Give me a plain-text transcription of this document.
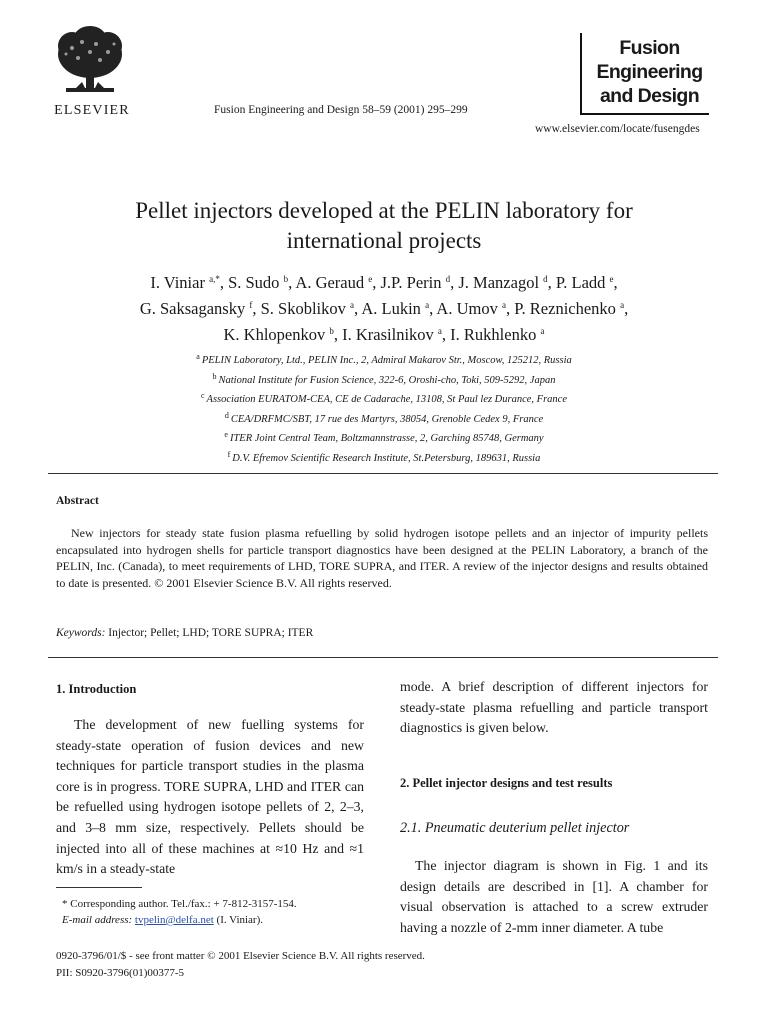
ELSEVIER	Fusion Engineering and Design 58–59 (2001) 295–299
Fusion
Engineering
and Design
www.elsevier.com/locate/fusengdes
Pellet injectors developed at the PELIN laboratory for
international projects
I. Viniar $^{a,*}$, S. Sudo $^b$, A. Geraud $^e$, J.P. Perin $^d$, J. Manzagol $^d$, P. Ladd $^e$,
G. Saksagansky $^f$, S. Skoblikov $^a$, A. Lukin $^a$, A. Umov $^a$, P. Reznichenko $^a$,
K. Khlopenkov $^b$, I. Krasilnikov $^a$, I. Rukhlenko $^a$
$^a$ PELIN Laboratory, Ltd., PELIN Inc., 2, Admiral Makarov Str., Moscow, 125212, Russia
$^b$ National Institute for Fusion Science, 322-6, Oroshi-cho, Toki, 509-5292, Japan
$^c$ Association EURATOM-CEA, CE de Cadarache, 13108, St Paul lez Durance, France
$^d$ CEA/DRFMC/SBT, 17 rue des Martyrs, 38054, Grenoble Cedex 9, France
$^e$ ITER Joint Central Team, Boltzmannstrasse, 2, Garching 85748, Germany
$^f$ D.V. Efremov Scientific Research Institute, St.Petersburg, 189631, Russia
Abstract
New injectors for steady state fusion plasma refuelling by solid hydrogen isotope pellets and an injector of impurity pellets encapsulated into hydrogen shells for particle transport diagnostics have been designed at the PELIN Laboratory, a branch of the PELIN, Inc. (Canada), to meet requirements of LHD, TORE SUPRA, and ITER. A review of the injector designs and results obtained to date is presented. © 2001 Elsevier Science B.V. All rights reserved.
Keywords: Injector; Pellet; LHD; TORE SUPRA; ITER
1. Introduction
The development of new fuelling systems for steady-state operation of fusion devices and new techniques for particle transport studies in the plasma core is in progress. TORE SUPRA, LHD and ITER can be refuelled using hydrogen isotope pellets of 2, 2–3, and 3–8 mm size, respectively. Pellets should be injected into all of these machines at ≈10 Hz and ≈1 km/s in a steady-state
mode. A brief description of different injectors for steady-state plasma refuelling and particle transport diagnostics is given below.
2. Pellet injector designs and test results
2.1. Pneumatic deuterium pellet injector
The injector diagram is shown in Fig. 1 and its design details are described in [1]. A chamber for visual observation is attached to a screw extruder having a nozzle of 2-mm inner diameter. A tube
* Corresponding author. Tel./fax.: + 7-812-3157-154.
E-mail address: tvpelin@delfa.net (I. Viniar).
0920-3796/01/$ - see front matter © 2001 Elsevier Science B.V. All rights reserved.
PII: S0920-3796(01)00377-5
